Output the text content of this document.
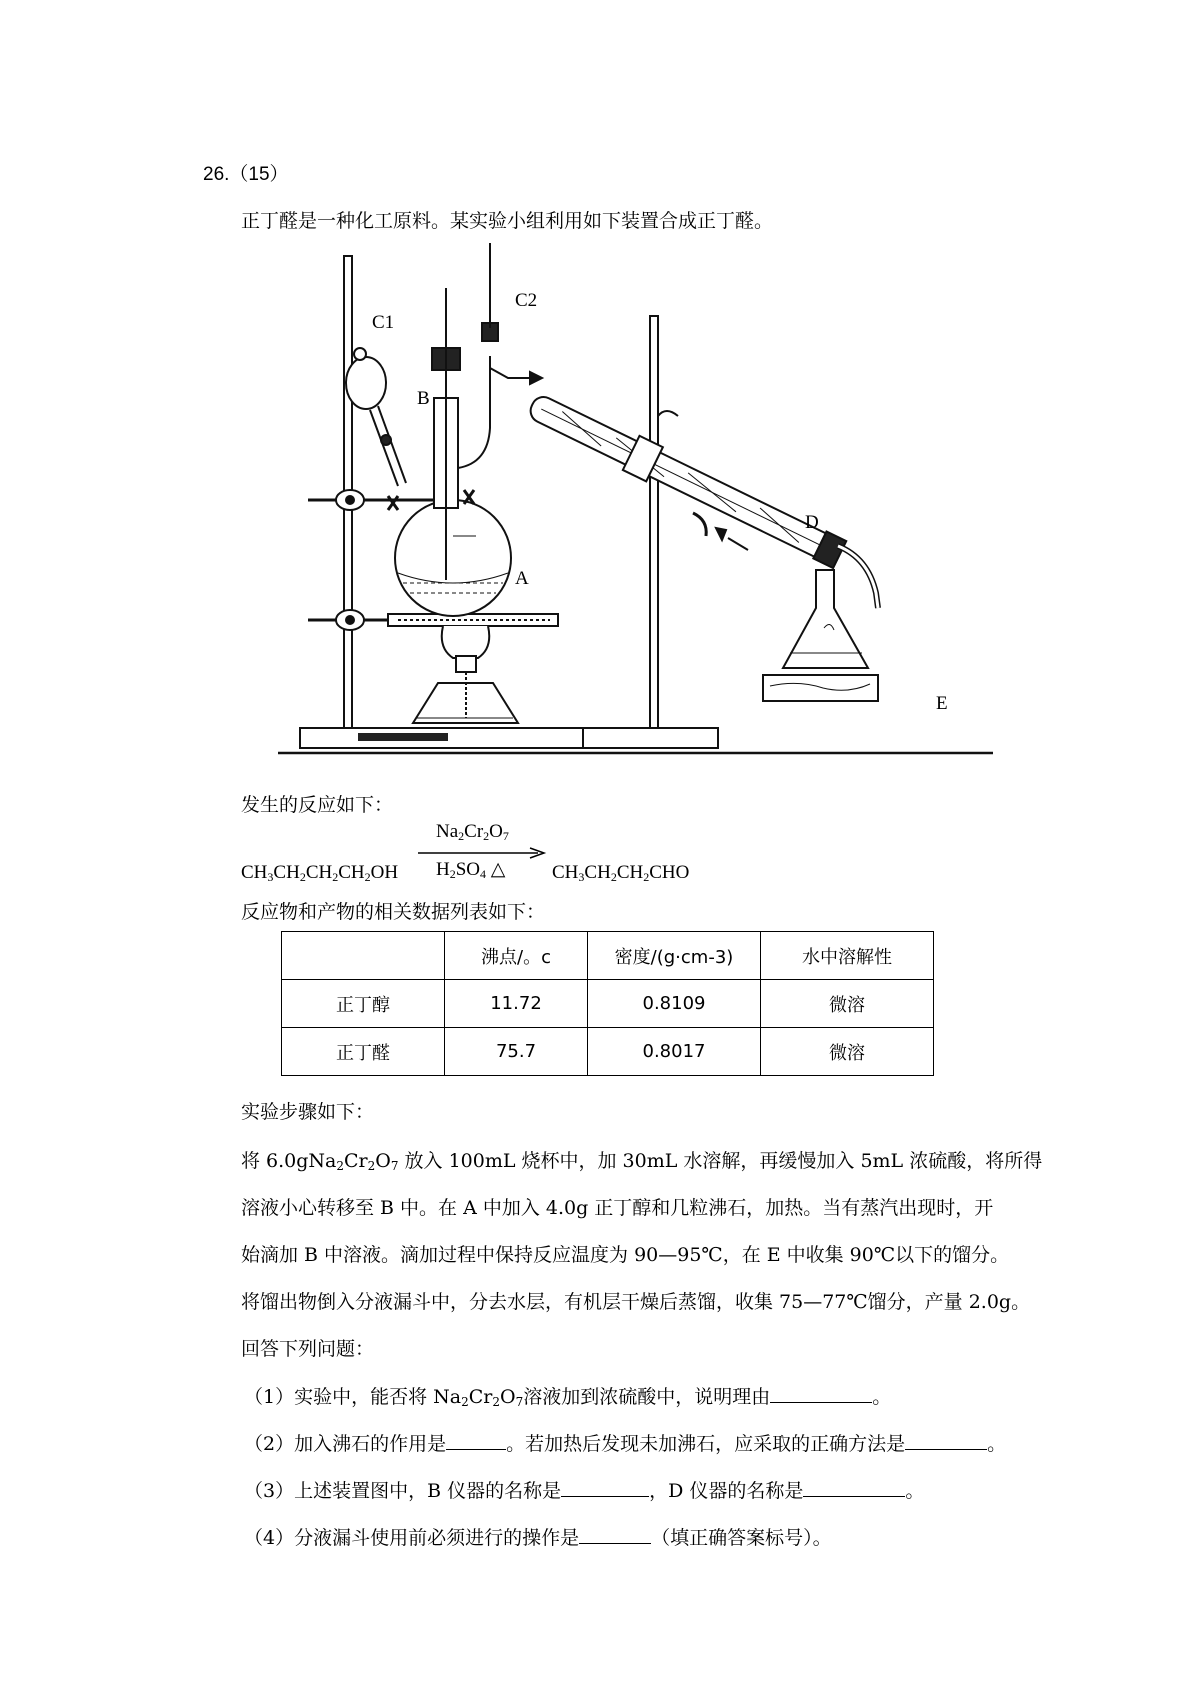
26.（15）
正丁醛是一种化工原料。某实验小组利用如下装置合成正丁醛。
C1
C2
B
A
D
E
发生的反应如下：
$Na_2Cr_2O_7$
$H_2SO_4$ △
$CH_3CH_2CH_2CH_2OH$	$CH_3CH_2CH_2CHO$
反应物和产物的相关数据列表如下：
	沸点/。c	密度/(g·cm-3)	水中溶解性
正丁醇	11.72	0.8109	微溶
正丁醛	75.7	0.8017	微溶
实验步骤如下：
将 $6.0gNa_2Cr_2O_7$ 放入 100mL 烧杯中，加 30mL 水溶解，再缓慢加入 5mL 浓硫酸，将所得
溶液小心转移至 B 中。在 A 中加入 4.0g 正丁醇和几粒沸石，加热。当有蒸汽出现时，开
始滴加 B 中溶液。滴加过程中保持反应温度为 90—95℃，在 E 中收集 90℃以下的馏分。
将馏出物倒入分液漏斗中，分去水层，有机层干燥后蒸馏，收集 75—77℃馏分，产量 2.0g。
回答下列问题：
（1）实验中，能否将 $Na_2Cr_2O_7$溶液加到浓硫酸中，说明理由	。
（2）加入沸石的作用是	。若加热后发现未加沸石，应采取的正确方法是	。
（3）上述装置图中，B 仪器的名称是	，D 仪器的名称是	。
（4）分液漏斗使用前必须进行的操作是	（填正确答案标号）。
